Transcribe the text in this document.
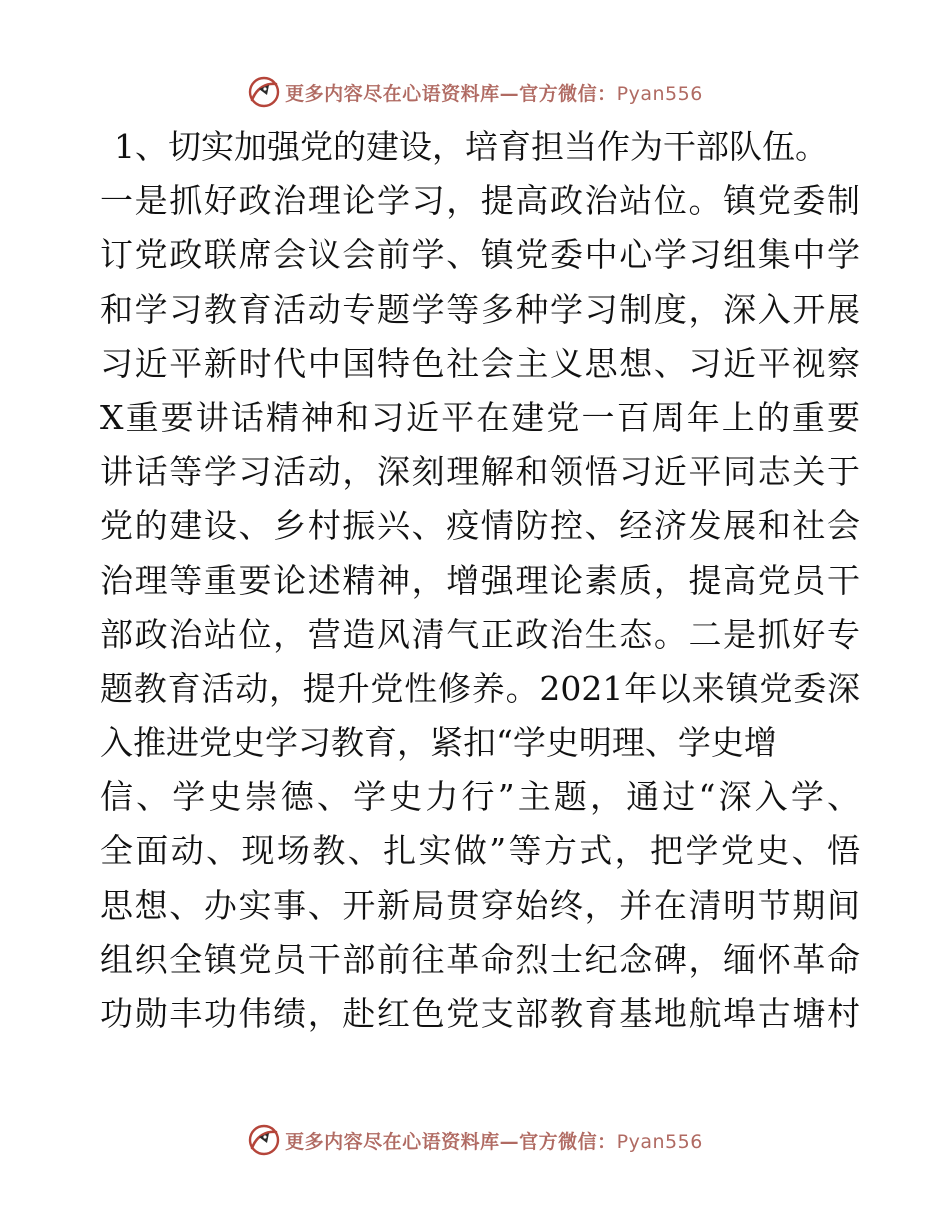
更多内容尽在心语资料库—官方微信：Pyan556
1、切实加强党的建设，培育担当作为干部队伍。
一是抓好政治理论学习，提高政治站位。镇党委制
订党政联席会议会前学、镇党委中心学习组集中学
和学习教育活动专题学等多种学习制度，深入开展
习近平新时代中国特色社会主义思想、习近平视察
X重要讲话精神和习近平在建党一百周年上的重要
讲话等学习活动，深刻理解和领悟习近平同志关于
党的建设、乡村振兴、疫情防控、经济发展和社会
治理等重要论述精神，增强理论素质，提高党员干
部政治站位，营造风清气正政治生态。二是抓好专
题教育活动，提升党性修养。2021年以来镇党委深
入推进党史学习教育，紧扣“学史明理、学史增
信、学史崇德、学史力行”主题，通过“深入学、
全面动、现场教、扎实做”等方式，把学党史、悟
思想、办实事、开新局贯穿始终，并在清明节期间
组织全镇党员干部前往革命烈士纪念碑，缅怀革命
功勋丰功伟绩，赴红色党支部教育基地航埠古塘村
更多内容尽在心语资料库—官方微信：Pyan556
